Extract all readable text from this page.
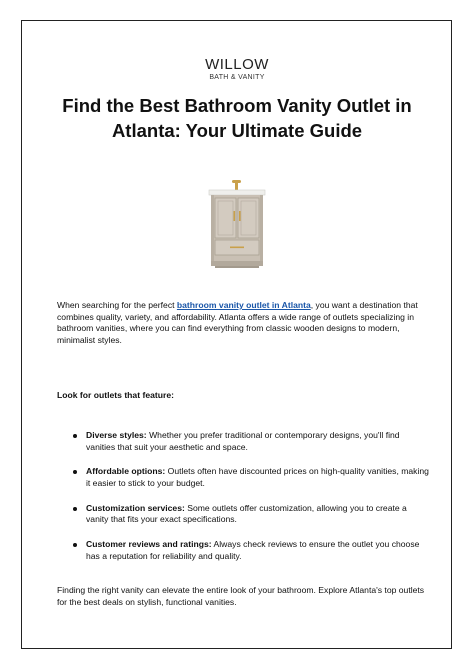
WILLOW
BATH & VANITY
Find the Best Bathroom Vanity Outlet in Atlanta: Your Ultimate Guide

When searching for the perfect bathroom vanity outlet in Atlanta, you want a destination that combines quality, variety, and affordability. Atlanta offers a wide range of outlets specializing in bathroom vanities, where you can find everything from classic wooden designs to modern, minimalist styles.

Look for outlets that feature:

Diverse styles: Whether you prefer traditional or contemporary designs, you'll find vanities that suit your aesthetic and space.
Affordable options: Outlets often have discounted prices on high-quality vanities, making it easier to stick to your budget.
Customization services: Some outlets offer customization, allowing you to create a vanity that fits your exact specifications.
Customer reviews and ratings: Always check reviews to ensure the outlet you choose has a reputation for reliability and quality.

Finding the right vanity can elevate the entire look of your bathroom. Explore Atlanta's top outlets for the best deals on stylish, functional vanities.
